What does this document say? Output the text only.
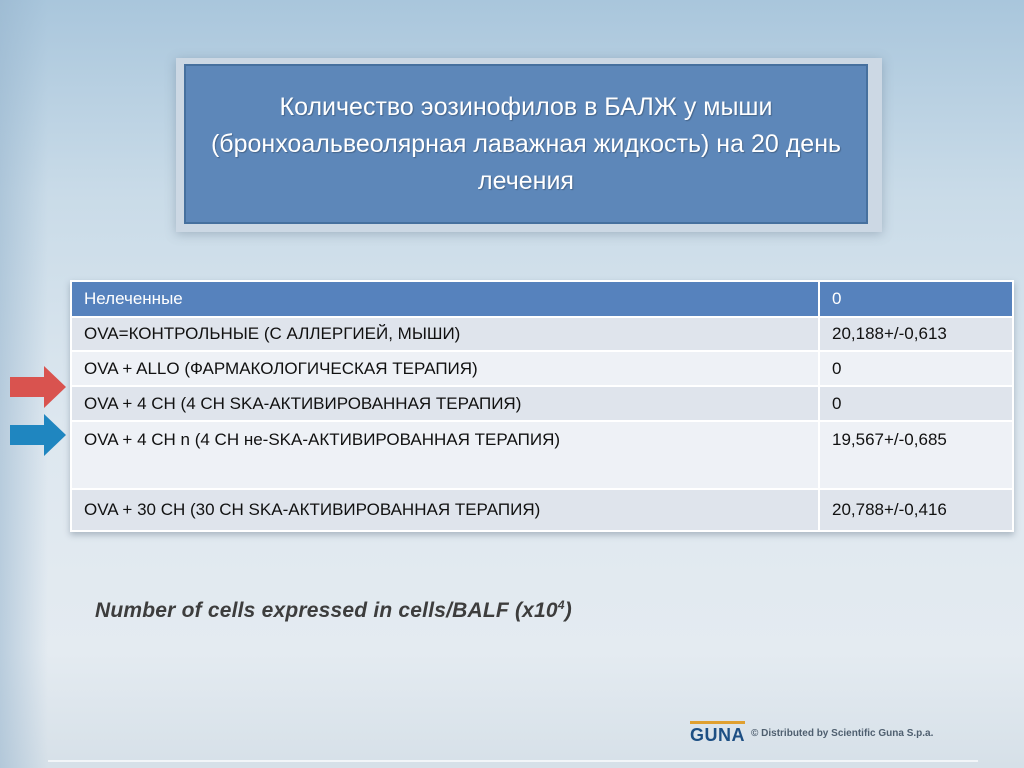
Количество эозинофилов в БАЛЖ у мыши (бронхоальвеолярная лаважная жидкость) на 20 день лечения

Нелеченные	0
OVA=КОНТРОЛЬНЫЕ (С АЛЛЕРГИЕЙ, МЫШИ)	20,188+/-0,613
OVA + ALLO (ФАРМАКОЛОГИЧЕСКАЯ ТЕРАПИЯ)	0
OVA + 4 CH (4 CH SKA-АКТИВИРОВАННАЯ ТЕРАПИЯ)	0
OVA + 4 CH n (4 CH не-SKA-АКТИВИРОВАННАЯ ТЕРАПИЯ)	19,567+/-0,685
OVA + 30 CH (30 CH SKA-АКТИВИРОВАННАЯ ТЕРАПИЯ)	20,788+/-0,416

Number of cells expressed in cells/BALF $(x10^4)$

GUNA © Distributed by Scientific Guna S.p.a.
